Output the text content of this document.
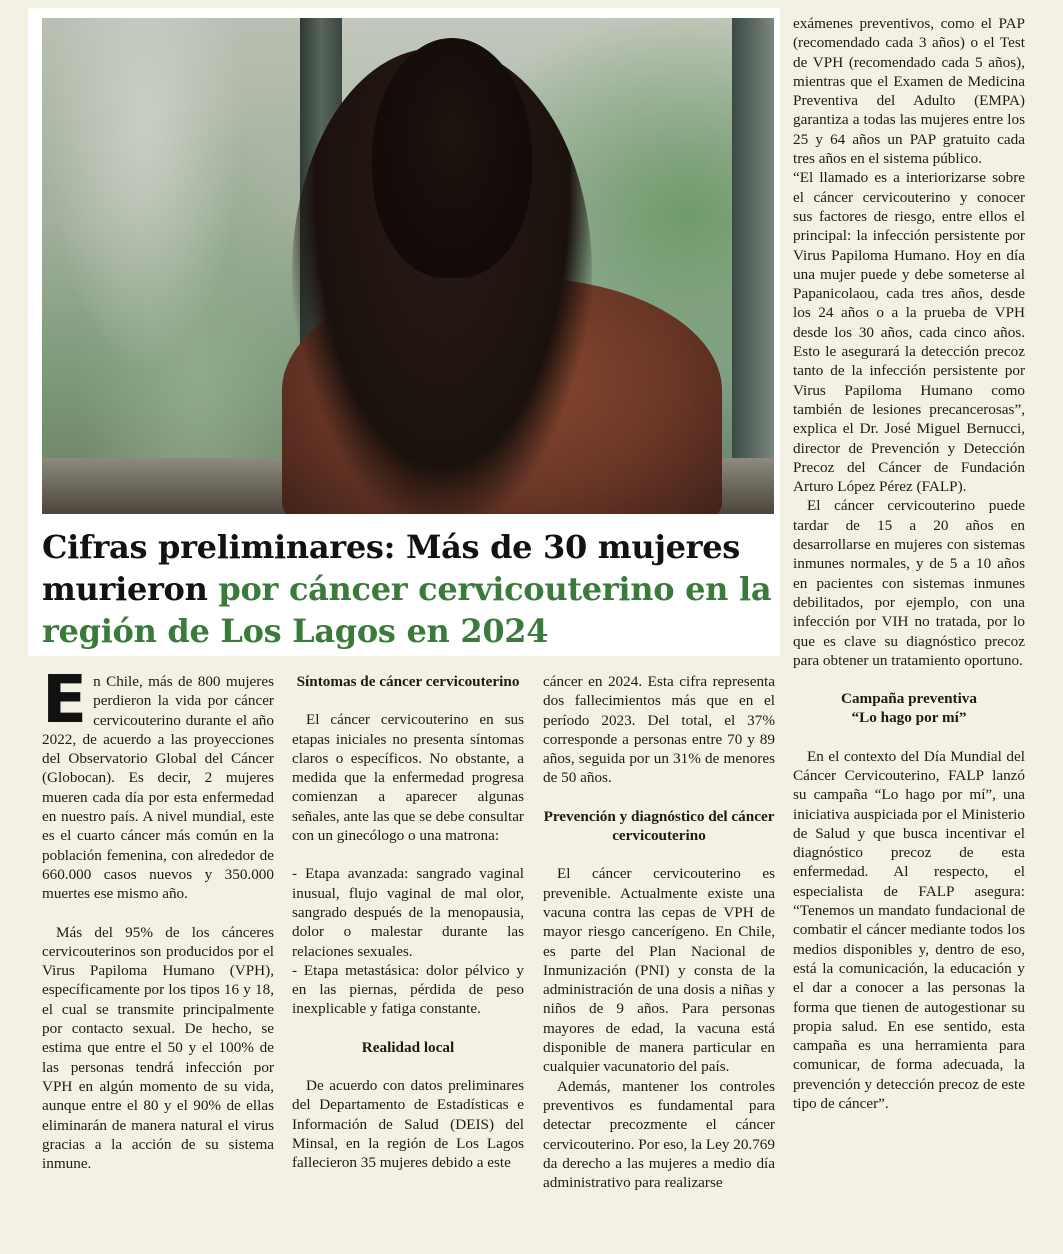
Cifras preliminares: Más de 30 mujeres murieron por cáncer cervicouterino en la región de Los Lagos en 2024
E n Chile, más de 800 mujeres perdieron la vida por cáncer cervicouterino durante el año 2022, de acuerdo a las proyecciones del Observatorio Global del Cáncer (Globocan). Es decir, 2 mujeres mueren cada día por esta enfermedad en nuestro país. A nivel mundial, este es el cuarto cáncer más común en la población femenina, con alrededor de 660.000 casos nuevos y 350.000 muertes ese mismo año.

Más del 95% de los cánceres cervicouterinos son producidos por el Virus Papiloma Humano (VPH), específicamente por los tipos 16 y 18, el cual se transmite principalmente por contacto sexual. De hecho, se estima que entre el 50 y el 100% de las personas tendrá infección por VPH en algún momento de su vida, aunque entre el 80 y el 90% de ellas eliminarán de manera natural el virus gracias a la acción de su sistema inmune.

Síntomas de cáncer cervicouterino

El cáncer cervicouterino en sus etapas iniciales no presenta síntomas claros o específicos. No obstante, a medida que la enfermedad progresa comienzan a aparecer algunas señales, ante las que se debe consultar con un ginecólogo o una matrona:

- Etapa avanzada: sangrado vaginal inusual, flujo vaginal de mal olor, sangrado después de la menopausia, dolor o malestar durante las relaciones sexuales.

- Etapa metastásica: dolor pélvico y en las piernas, pérdida de peso inexplicable y fatiga constante.

Realidad local

De acuerdo con datos preliminares del Departamento de Estadísticas e Información de Salud (DEIS) del Minsal, en la región de Los Lagos fallecieron 35 mujeres debido a este

cáncer en 2024. Esta cifra representa dos fallecimientos más que en el período 2023. Del total, el 37% corresponde a personas entre 70 y 89 años, seguida por un 31% de menores de 50 años.

Prevención y diagnóstico del cáncer cervicouterino

El cáncer cervicouterino es prevenible. Actualmente existe una vacuna contra las cepas de VPH de mayor riesgo cancerígeno. En Chile, es parte del Plan Nacional de Inmunización (PNI) y consta de la administración de una dosis a niñas y niños de 9 años. Para personas mayores de edad, la vacuna está disponible de manera particular en cualquier vacunatorio del país.

Además, mantener los controles preventivos es fundamental para detectar precozmente el cáncer cervicouterino. Por eso, la Ley 20.769 da derecho a las mujeres a medio día administrativo para realizarse

exámenes preventivos, como el PAP (recomendado cada 3 años) o el Test de VPH (recomendado cada 5 años), mientras que el Examen de Medicina Preventiva del Adulto (EMPA) garantiza a todas las mujeres entre los 25 y 64 años un PAP gratuito cada tres años en el sistema público.

“El llamado es a interiorizarse sobre el cáncer cervicouterino y conocer sus factores de riesgo, entre ellos el principal: la infección persistente por Virus Papiloma Humano. Hoy en día una mujer puede y debe someterse al Papanicolaou, cada tres años, desde los 24 años o a la prueba de VPH desde los 30 años, cada cinco años. Esto le asegurará la detección precoz tanto de la infección persistente por Virus Papiloma Humano como también de lesiones precancerosas”, explica el Dr. José Miguel Bernucci, director de Prevención y Detección Precoz del Cáncer de Fundación Arturo López Pérez (FALP).

El cáncer cervicouterino puede tardar de 15 a 20 años en desarrollarse en mujeres con sistemas inmunes normales, y de 5 a 10 años en pacientes con sistemas inmunes debilitados, por ejemplo, con una infección por VIH no tratada, por lo que es clave su diagnóstico precoz para obtener un tratamiento oportuno.

Campaña preventiva

“Lo hago por mí”

En el contexto del Día Mundial del Cáncer Cervicouterino, FALP lanzó su campaña “Lo hago por mí”, una iniciativa auspiciada por el Ministerio de Salud y que busca incentivar el diagnóstico precoz de esta enfermedad. Al respecto, el especialista de FALP asegura: “Tenemos un mandato fundacional de combatir el cáncer mediante todos los medios disponibles y, dentro de eso, está la comunicación, la educación y el dar a conocer a las personas la forma que tienen de autogestionar su propia salud. En ese sentido, esta campaña es una herramienta para comunicar, de forma adecuada, la prevención y detección precoz de este tipo de cáncer”.
